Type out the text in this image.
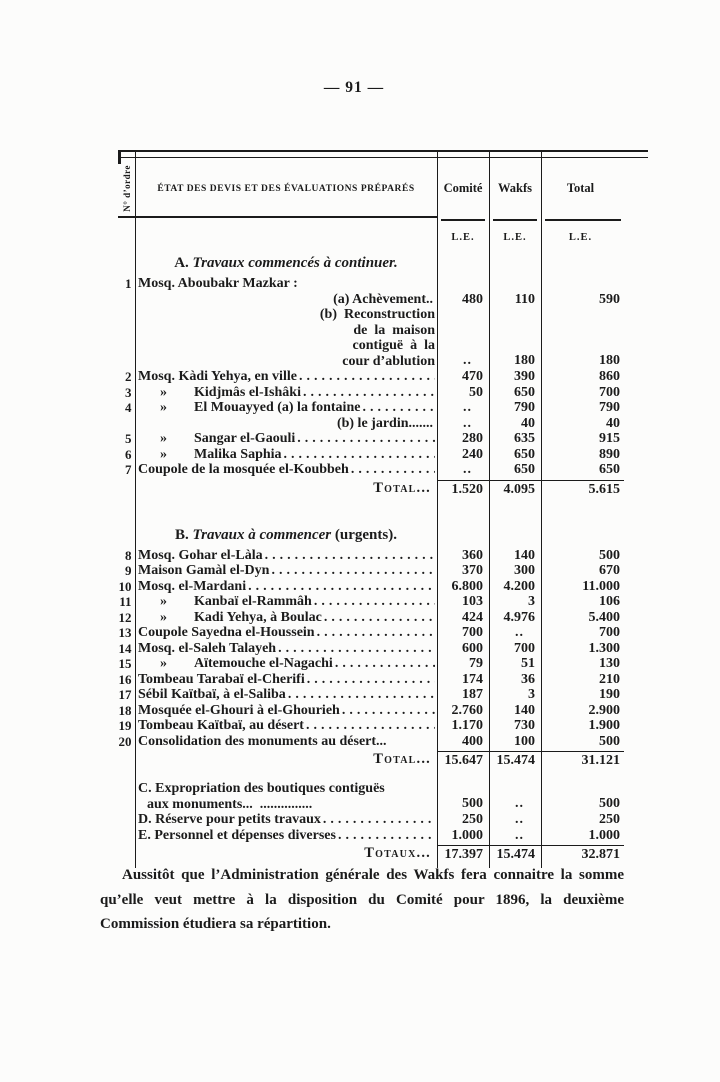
— 91 —
N° d’ordre	ÉTAT DES DEVIS ET DES ÉVALUATIONS PRÉPARÉS	Comité	Wakfs	Total
L.E.	L.E.	L.E.
A. Travaux commencés à continuer.
1 Mosq. Aboubakr Mazkar :
(a) Achèvement..	480	110	590
(b)  Reconstruction
de  la  maison
contiguë  à  la
cour d’ablution	..	180	180
2 Mosq. Kàdi Yehya, en ville .....	470	390	860
3 »	Kidjmâs el-Ishâki .....	50	650	700
4 »	El Mouayyed (a) la fontaine .....	..	790	790
(b) le jardin.......	..	40	40
5 »	Sangar el-Gaouli .....	280	635	915
6 »	Malika Saphia .....	240	650	890
7 Coupole de la mosquée el-Koubbeh .....	..	650	650
Total...	1.520	4.095	5.615
B. Travaux à commencer (urgents).
8 Mosq. Gohar el-Làla .....	360	140	500
9 Maison Gamàl el-Dyn .....	370	300	670
10 Mosq. el-Mardani .....	6.800	4.200	11.000
11 »	Kanbaï el-Rammâh .....	103	3	106
12 »	Kadi Yehya, à Boulac .....	424	4.976	5.400
13 Coupole Sayedna el-Houssein .....	700	..	700
14 Mosq. el-Saleh Talayeh .....	600	700	1.300
15 »	Aïtemouche el-Nagachi .....	79	51	130
16 Tombeau Tarabaï el-Cherifi .....	174	36	210
17 Sébil Kaïtbaï, à el-Saliba .....	187	3	190
18 Mosquée el-Ghouri à el-Ghourieh .....	2.760	140	2.900
19 Tombeau Kaïtbaï, au désert .....	1.170	730	1.900
20 Consolidation des monuments au désert...	400	100	500
Total... 15.647 15.474	31.121
C. Expropriation des boutiques contiguës
aux monuments...  ...............	500	..	500
D. Réserve pour petits travaux .....	250	..	250
E. Personnel et dépenses diverses .....	1.000	..	1.000
Totaux... 17.397 15.474	32.871

Aussitôt que l’Administration générale des Wakfs fera connaitre la somme qu’elle veut mettre à la disposition du Comité pour 1896, la deuxième Commission étudiera sa répartition.
